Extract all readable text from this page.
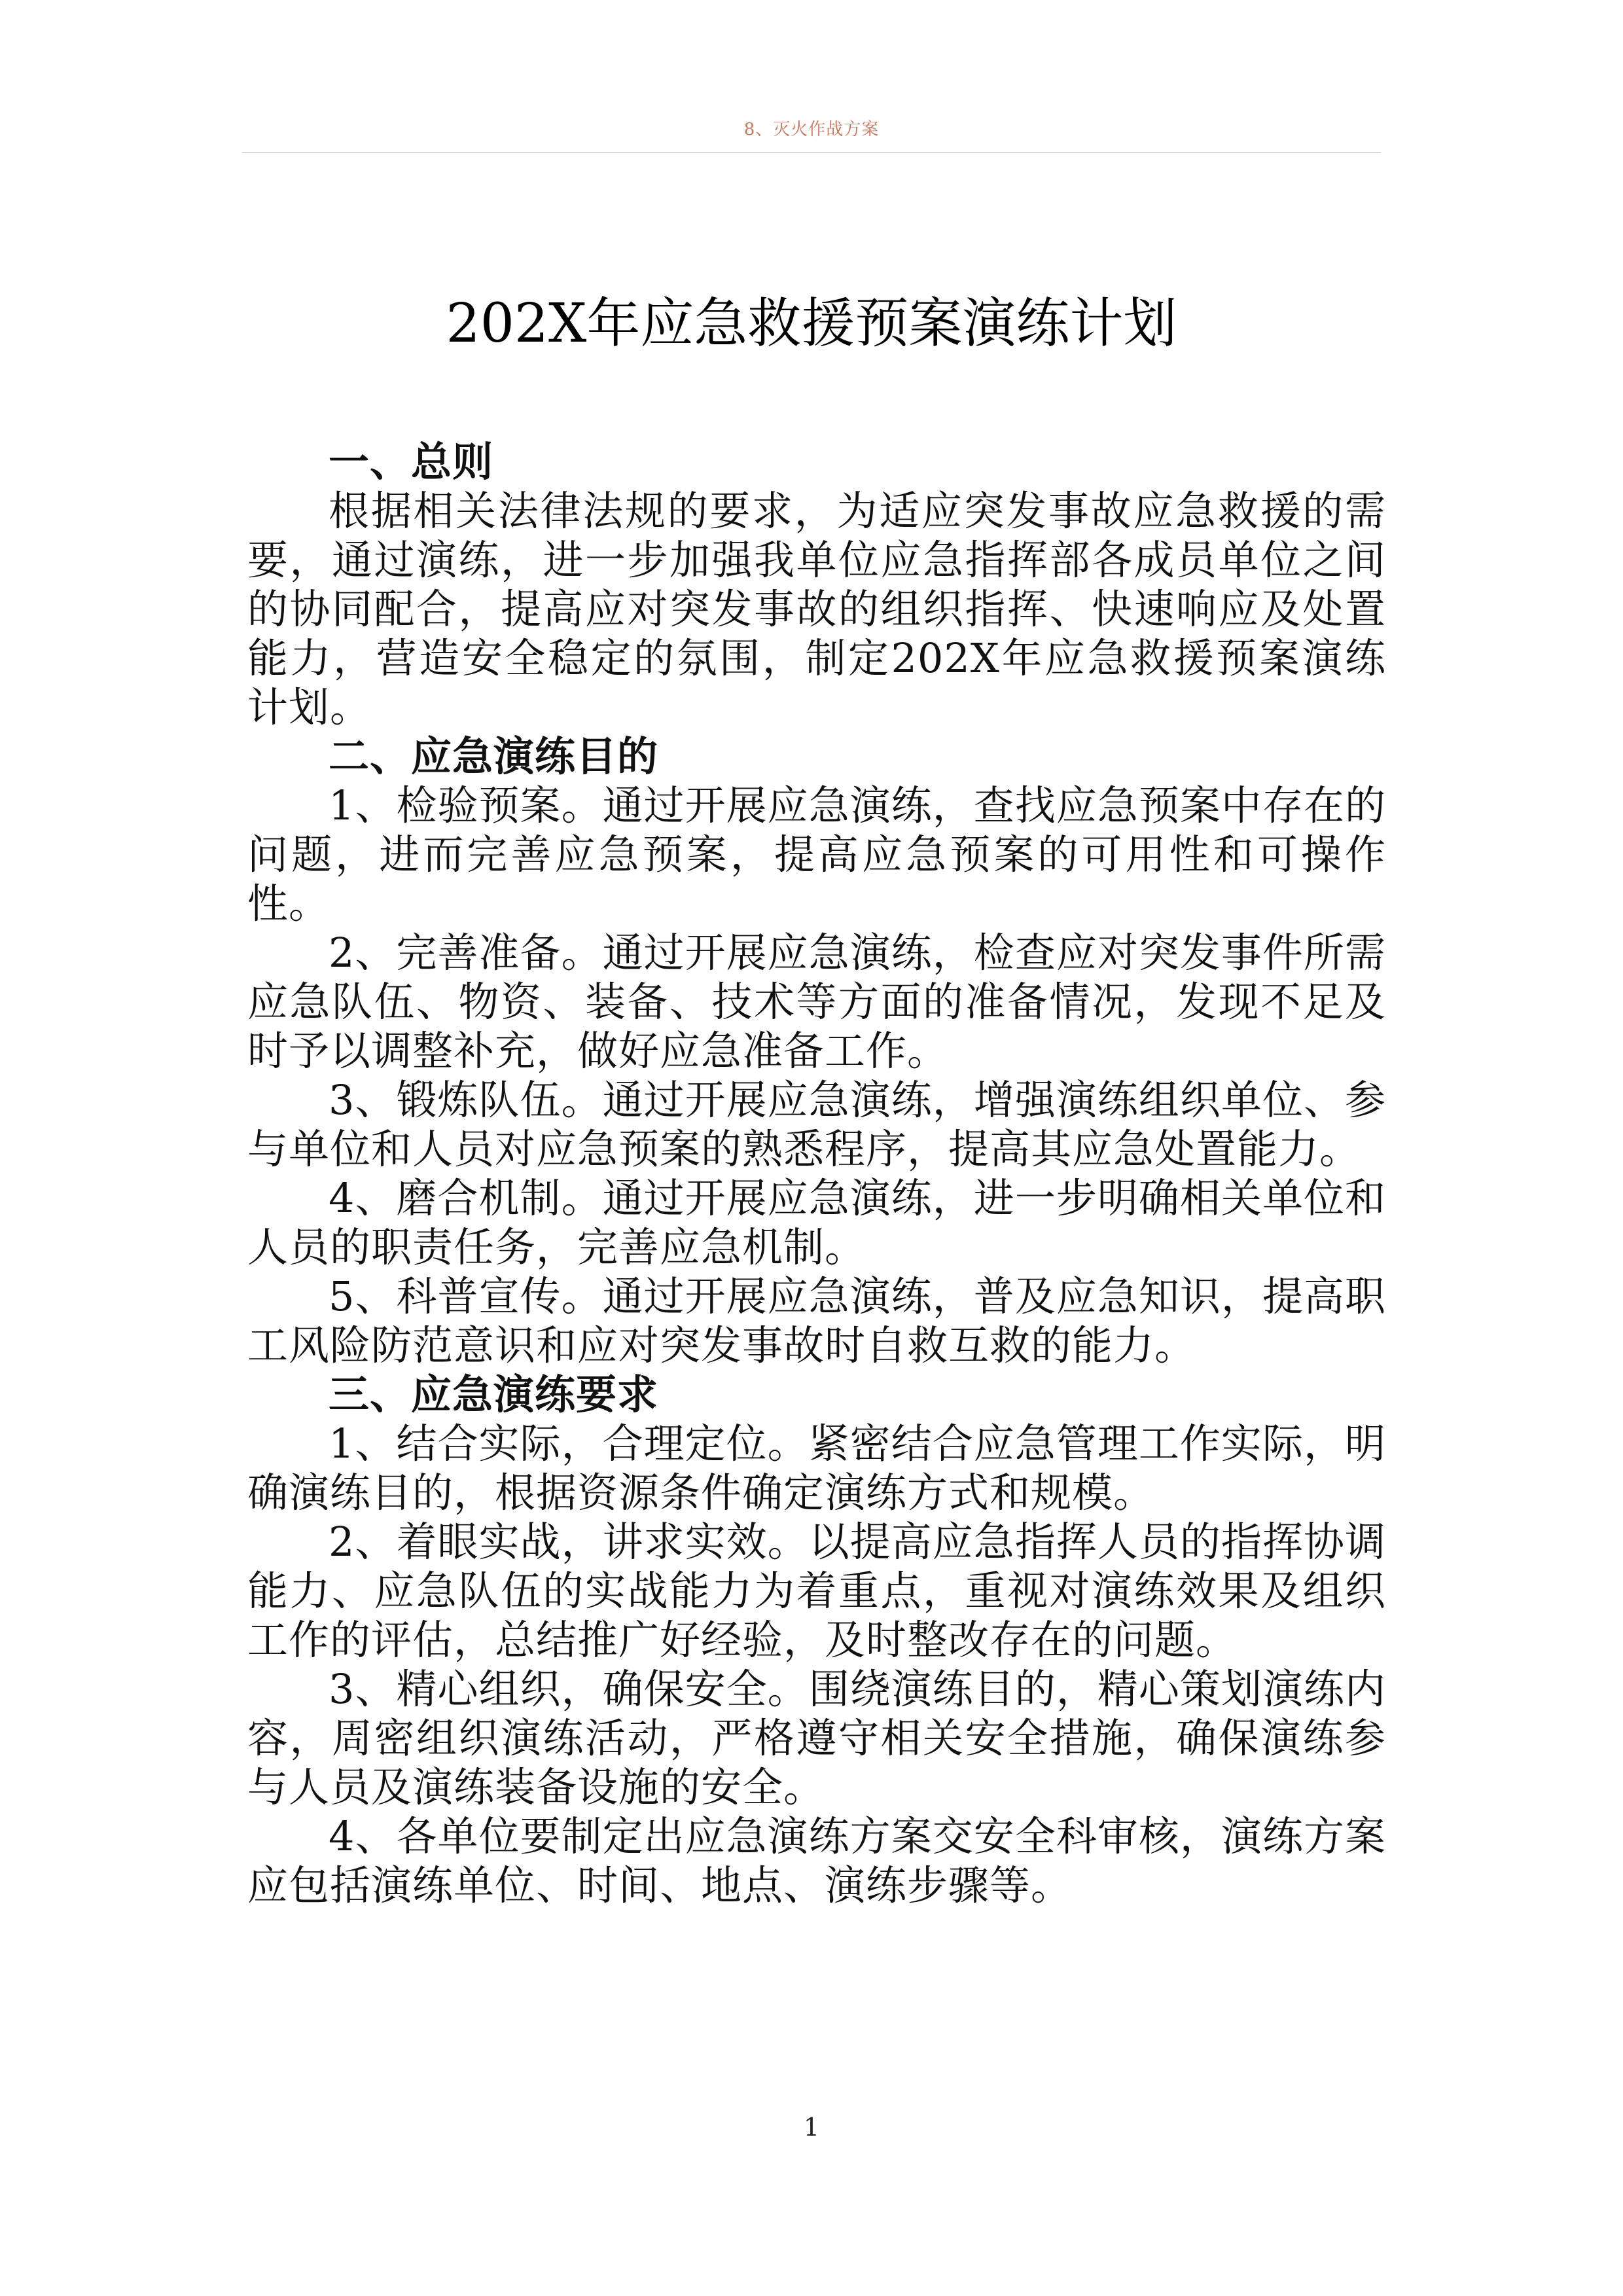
8、灭火作战方案
202X年应急救援预案演练计划
一、总则

根据相关法律法规的要求，为适应突发事故应急救援的需要，通过演练，进一步加强我单位应急指挥部各成员单位之间的协同配合，提高应对突发事故的组织指挥、快速响应及处置能力，营造安全稳定的氛围，制定202X年应急救援预案演练计划。

二、应急演练目的

1、检验预案。通过开展应急演练，查找应急预案中存在的问题，进而完善应急预案，提高应急预案的可用性和可操作性。

2、完善准备。通过开展应急演练，检查应对突发事件所需应急队伍、物资、装备、技术等方面的准备情况，发现不足及时予以调整补充，做好应急准备工作。

3、锻炼队伍。通过开展应急演练，增强演练组织单位、参与单位和人员对应急预案的熟悉程序，提高其应急处置能力。

4、磨合机制。通过开展应急演练，进一步明确相关单位和人员的职责任务，完善应急机制。

5、科普宣传。通过开展应急演练，普及应急知识，提高职工风险防范意识和应对突发事故时自救互救的能力。

三、应急演练要求

1、结合实际，合理定位。紧密结合应急管理工作实际，明确演练目的，根据资源条件确定演练方式和规模。

2、着眼实战，讲求实效。以提高应急指挥人员的指挥协调能力、应急队伍的实战能力为着重点，重视对演练效果及组织工作的评估，总结推广好经验，及时整改存在的问题。

3、精心组织，确保安全。围绕演练目的，精心策划演练内容，周密组织演练活动，严格遵守相关安全措施，确保演练参与人员及演练装备设施的安全。

4、各单位要制定出应急演练方案交安全科审核，演练方案应包括演练单位、时间、地点、演练步骤等。

1
